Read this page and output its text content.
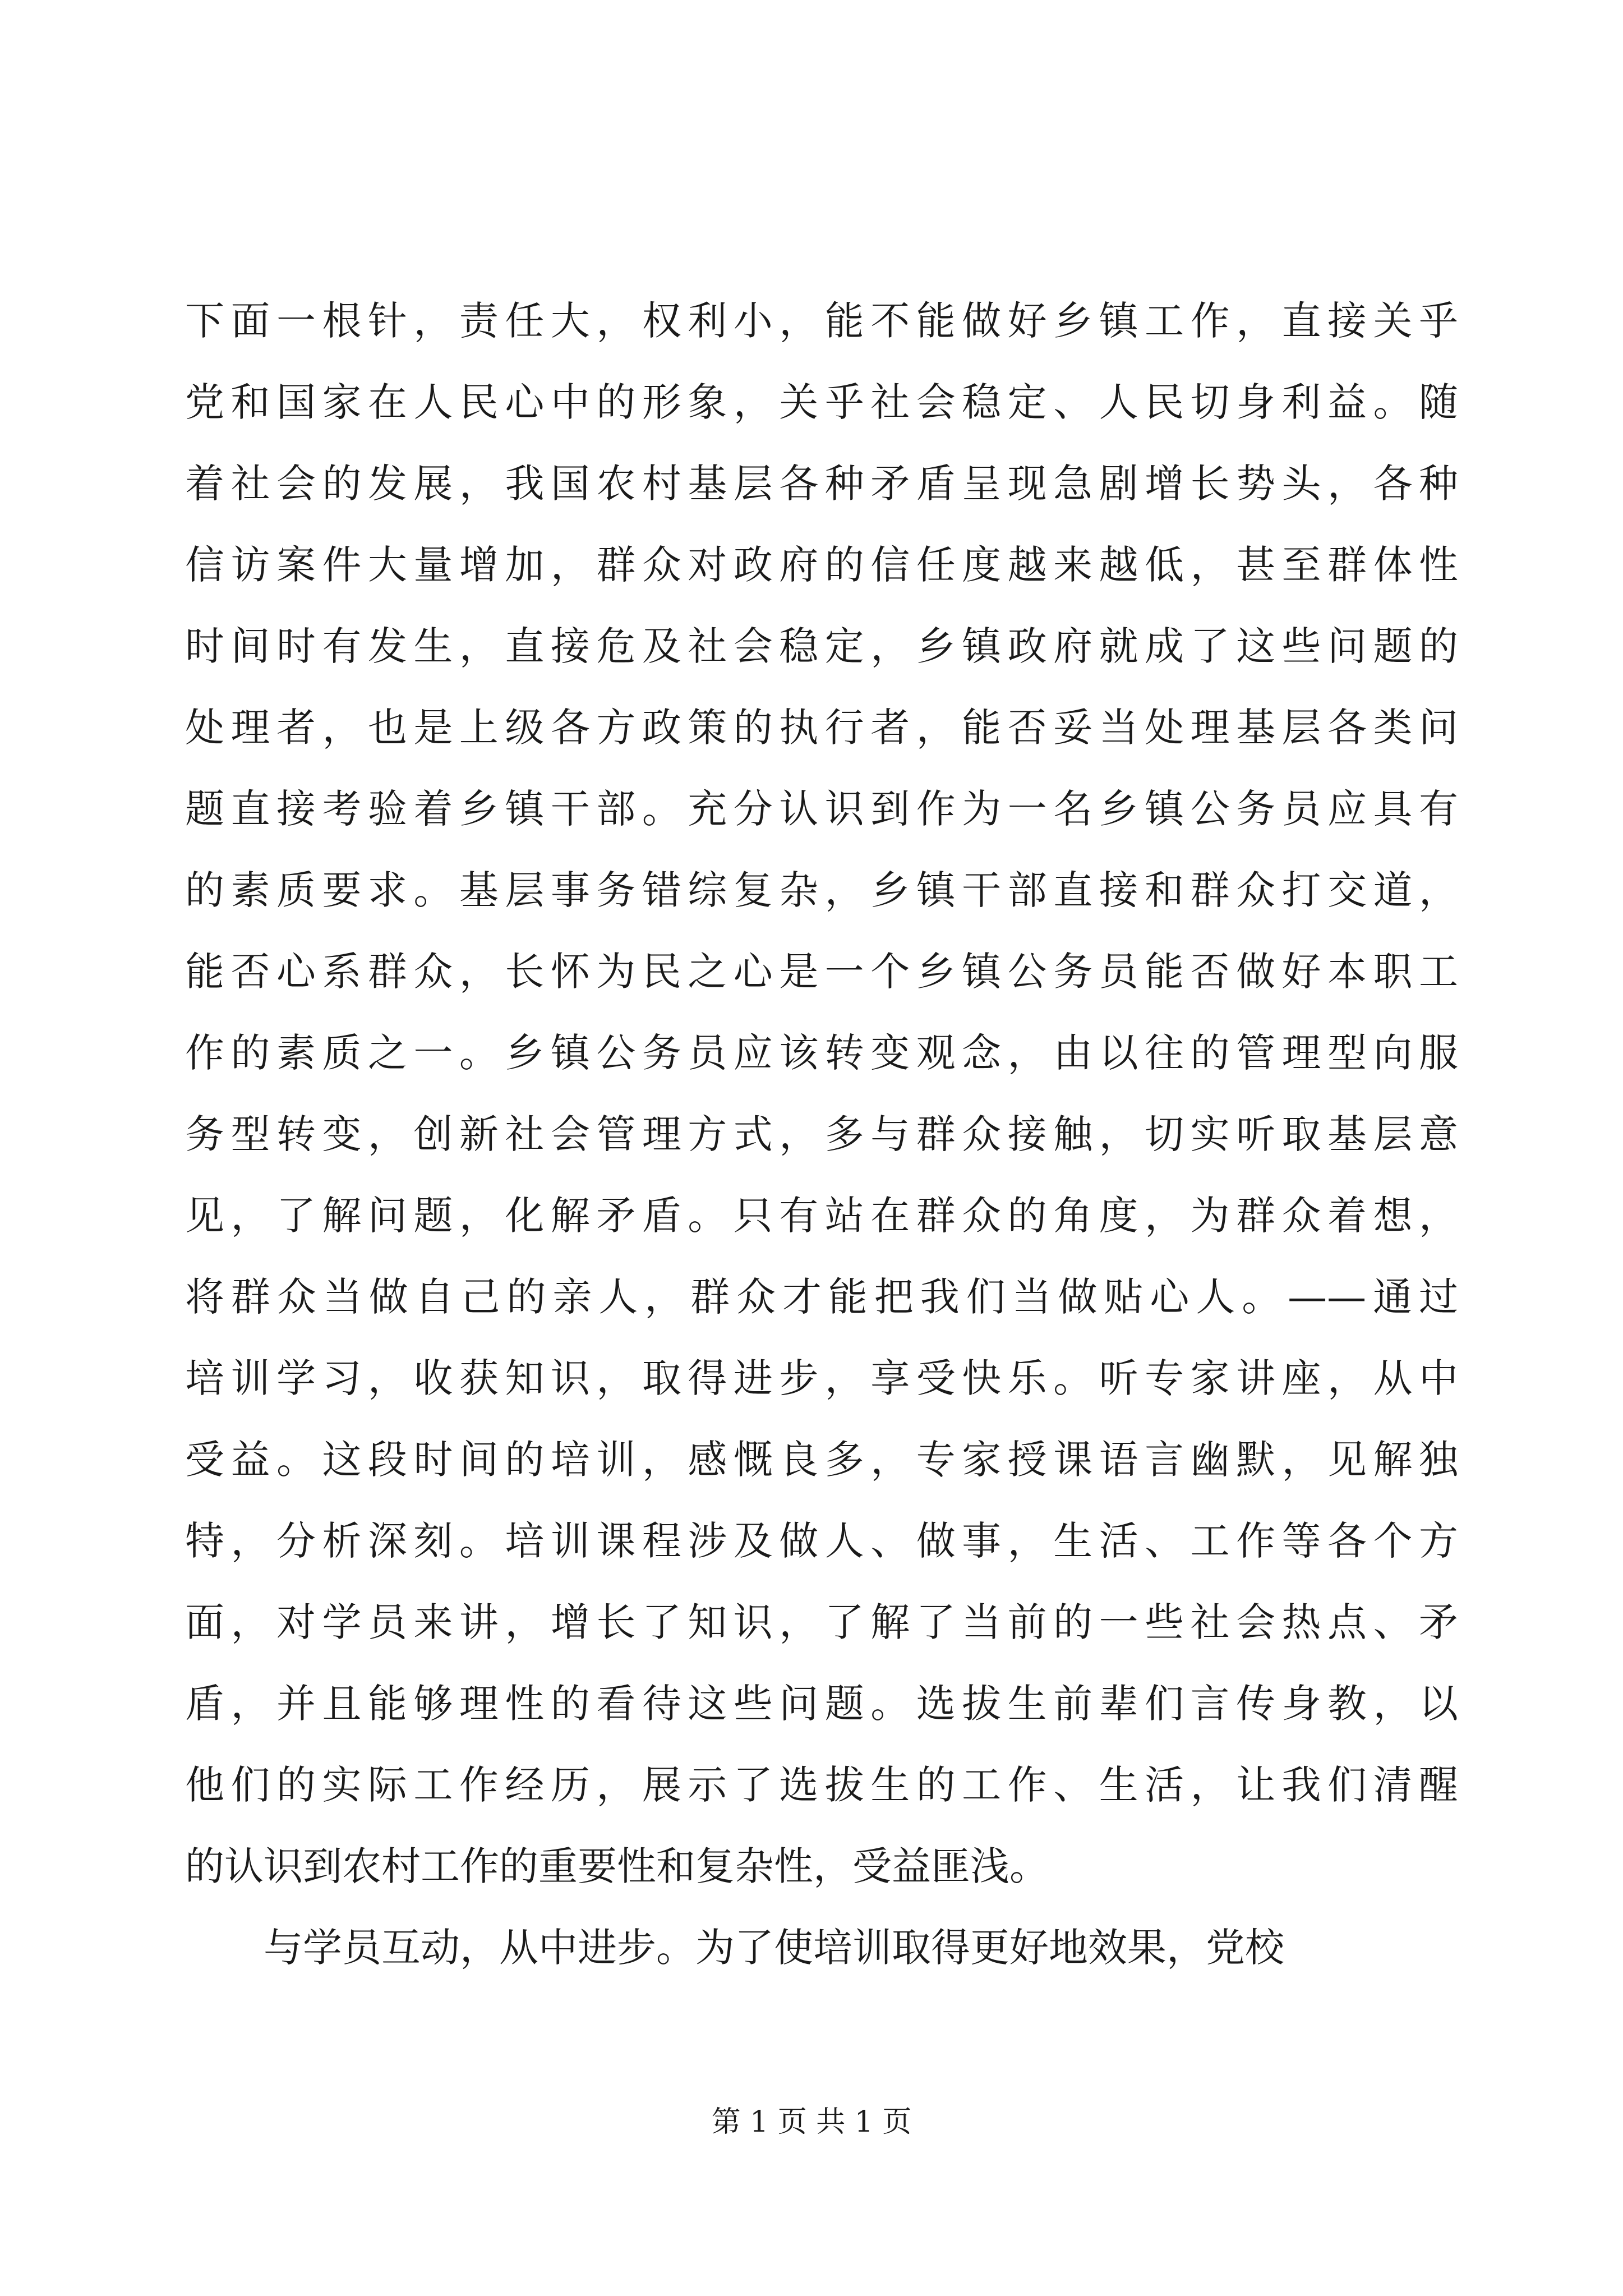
下面一根针，责任大，权利小，能不能做好乡镇工作，直接关乎
党和国家在人民心中的形象，关乎社会稳定、人民切身利益。随
着社会的发展，我国农村基层各种矛盾呈现急剧增长势头，各种
信访案件大量增加，群众对政府的信任度越来越低，甚至群体性
时间时有发生，直接危及社会稳定，乡镇政府就成了这些问题的
处理者，也是上级各方政策的执行者，能否妥当处理基层各类问
题直接考验着乡镇干部。充分认识到作为一名乡镇公务员应具有
的素质要求。基层事务错综复杂，乡镇干部直接和群众打交道，
能否心系群众，长怀为民之心是一个乡镇公务员能否做好本职工
作的素质之一。乡镇公务员应该转变观念，由以往的管理型向服
务型转变，创新社会管理方式，多与群众接触，切实听取基层意
见，了解问题，化解矛盾。只有站在群众的角度，为群众着想，
将群众当做自己的亲人，群众才能把我们当做贴心人。——通过
培训学习，收获知识，取得进步，享受快乐。听专家讲座，从中
受益。这段时间的培训，感慨良多，专家授课语言幽默，见解独
特，分析深刻。培训课程涉及做人、做事，生活、工作等各个方
面，对学员来讲，增长了知识，了解了当前的一些社会热点、矛
盾，并且能够理性的看待这些问题。选拔生前辈们言传身教，以
他们的实际工作经历，展示了选拔生的工作、生活，让我们清醒
的认识到农村工作的重要性和复杂性，受益匪浅。
与学员互动，从中进步。为了使培训取得更好地效果，党校
第 1 页 共 1 页
